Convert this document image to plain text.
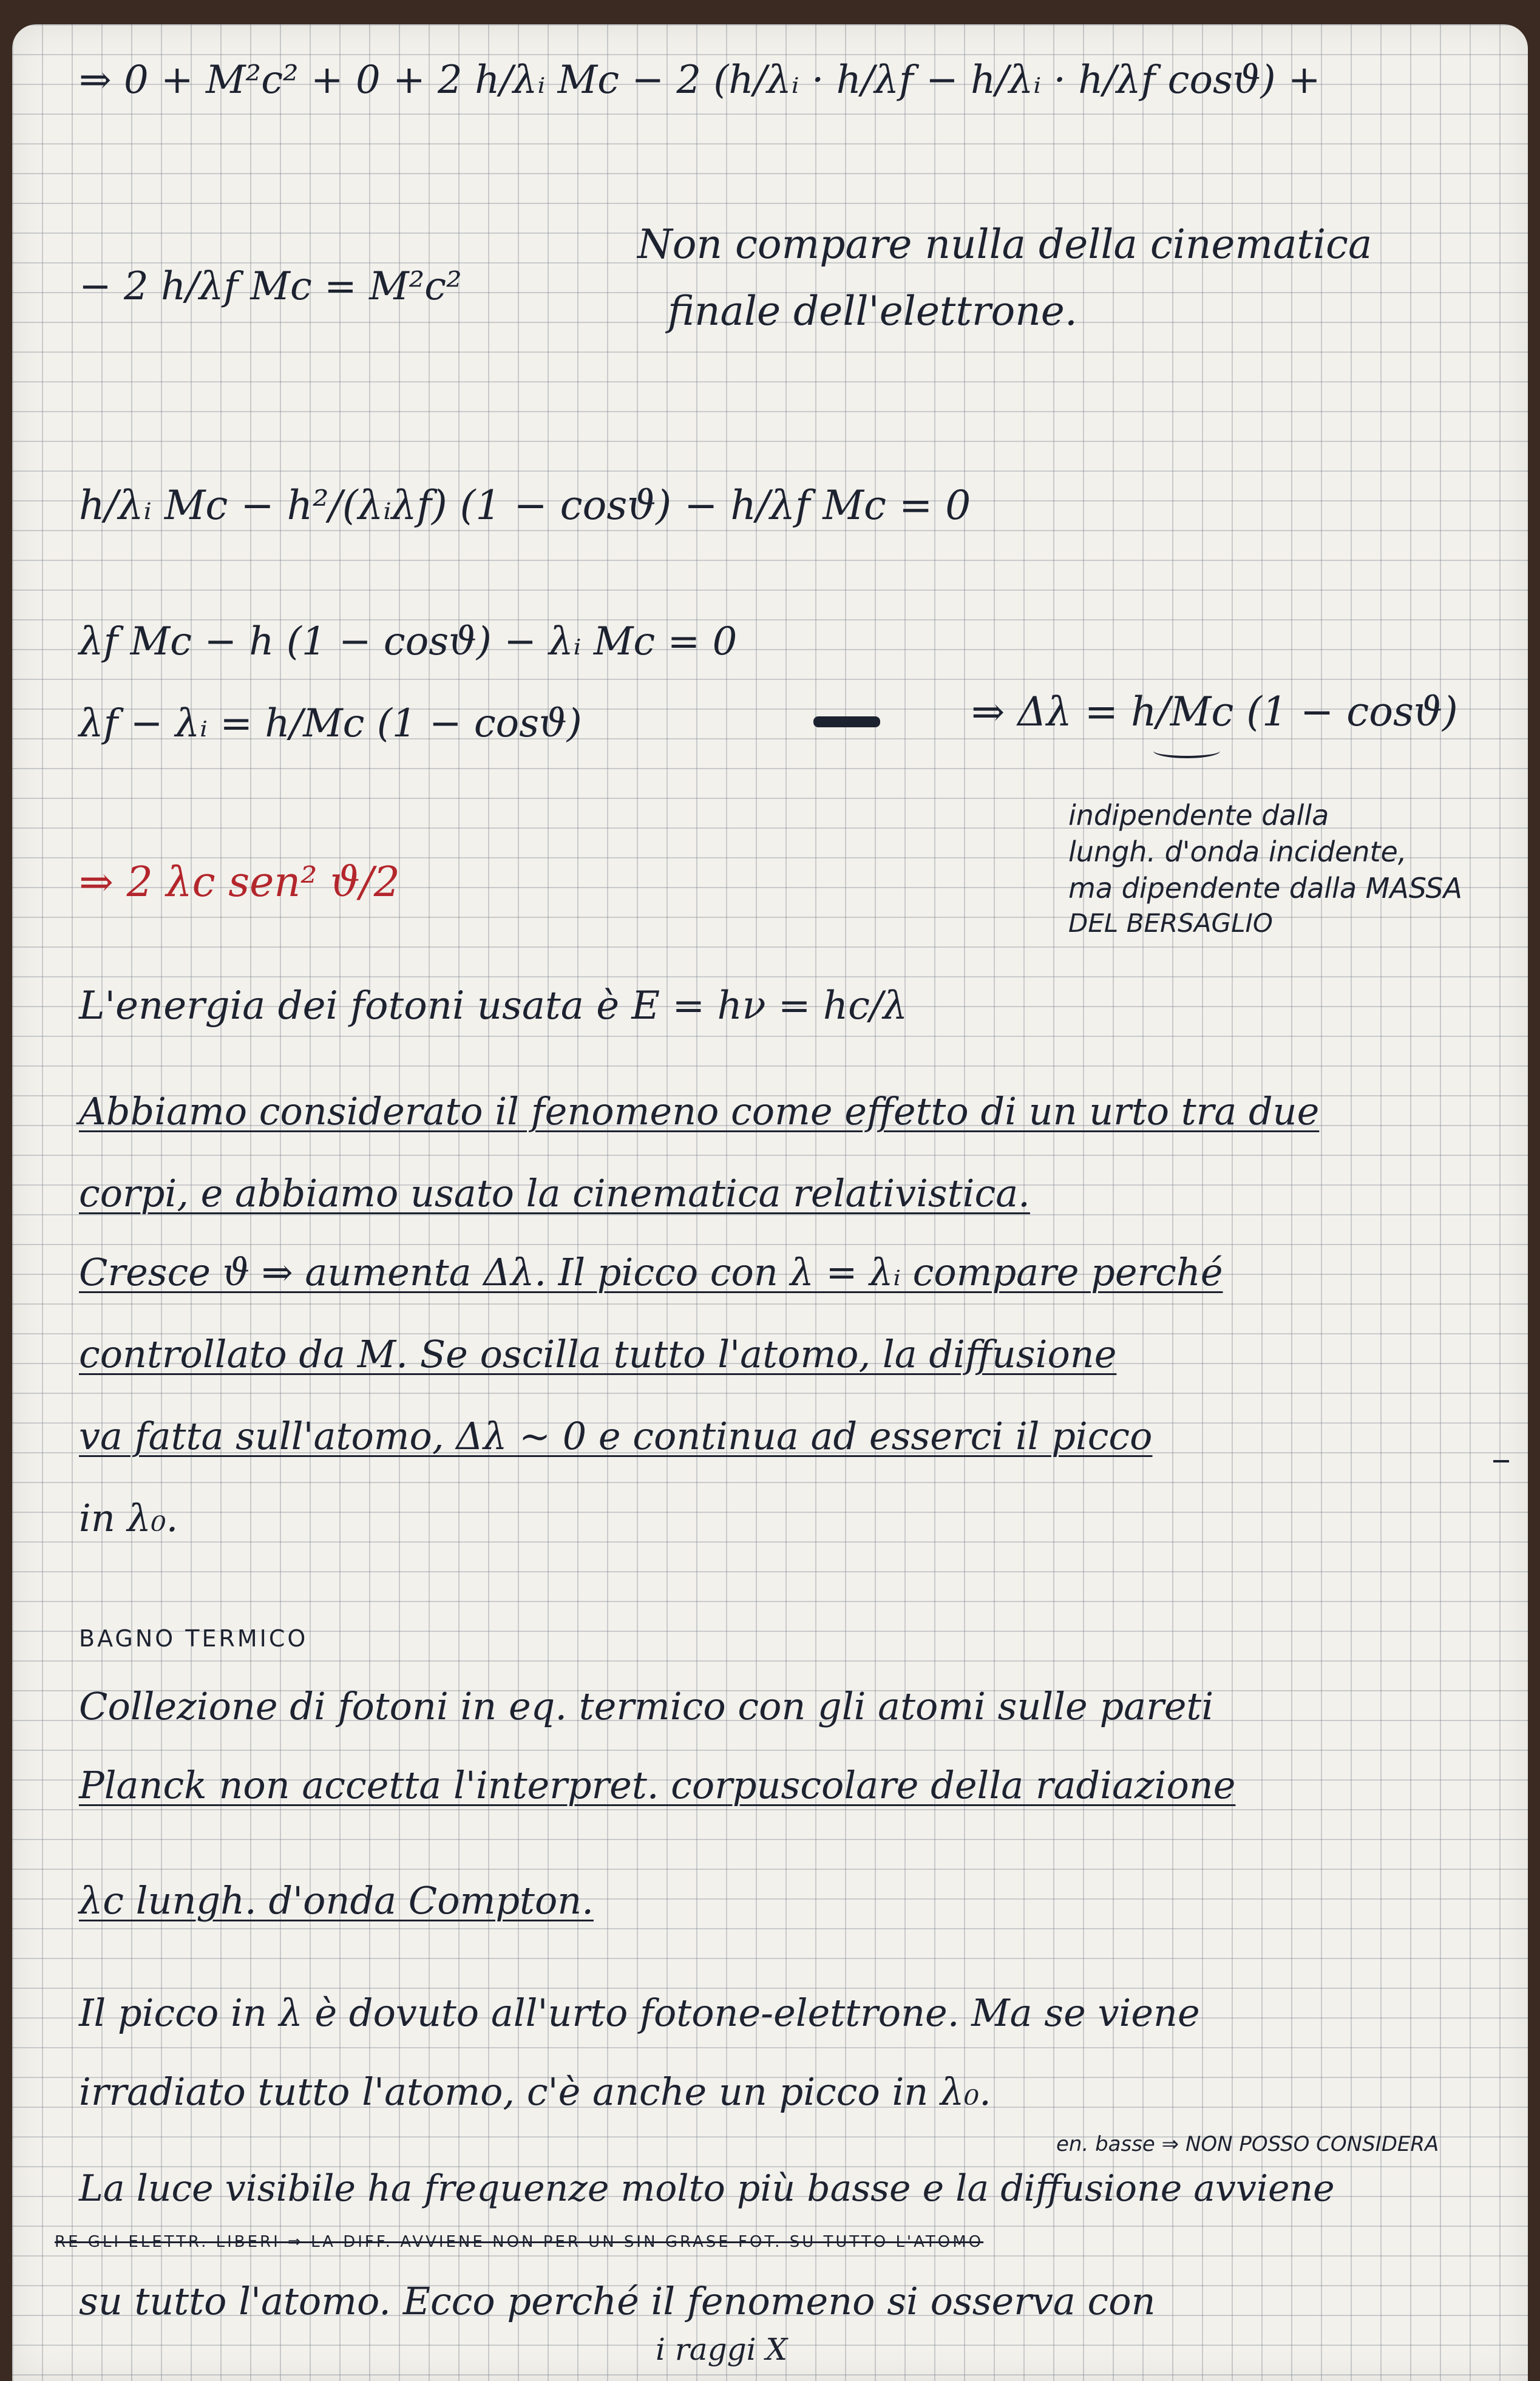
⇒ 0 + M²c² + 0 + 2 h/λᵢ Mc − 2 (h/λᵢ · h/λf − h/λᵢ · h/λf cosϑ) +
− 2 h/λf Mc = M²c²
Non compare nulla della cinematica
finale dell'elettrone.
h/λᵢ Mc − h²/(λᵢλf) (1 − cosϑ) − h/λf Mc = 0
λf Mc − h (1 − cosϑ) − λᵢ Mc = 0
λf − λᵢ = h/Mc (1 − cosϑ)	⇒ Δλ = h/Mc (1 − cosϑ)
indipendente dalla
lungh. d'onda incidente,
ma dipendente dalla MASSA
DEL BERSAGLIO
⇒ 2 λc sen² ϑ/2
L'energia dei fotoni usata è E = hν = hc/λ
Abbiamo considerato il fenomeno come effetto di un urto tra due
corpi, e abbiamo usato la cinematica relativistica.
Cresce ϑ ⇒ aumenta Δλ. Il picco con λ = λᵢ compare perché
controllato da M. Se oscilla tutto l'atomo, la diffusione
va fatta sull'atomo, Δλ ~ 0 e continua ad esserci il picco
in λ₀.
BAGNO TERMICO
Collezione di fotoni in eq. termico con gli atomi sulle pareti
Planck non accetta l'interpret. corpuscolare della radiazione
λc lungh. d'onda Compton.
Il picco in λ è dovuto all'urto fotone-elettrone. Ma se viene
irradiato tutto l'atomo, c'è anche un picco in λ₀.
en. basse ⇒ NON POSSO CONSIDERA
La luce visibile ha frequenze molto più basse e la diffusione avviene
RE GLI ELETTR. LIBERI ⇒ LA DIFF. AVVIENE NON PER UN SIN GRASE FOT. SU TUTTO L'ATOMO
su tutto l'atomo. Ecco perché il fenomeno si osserva con
i raggi X
